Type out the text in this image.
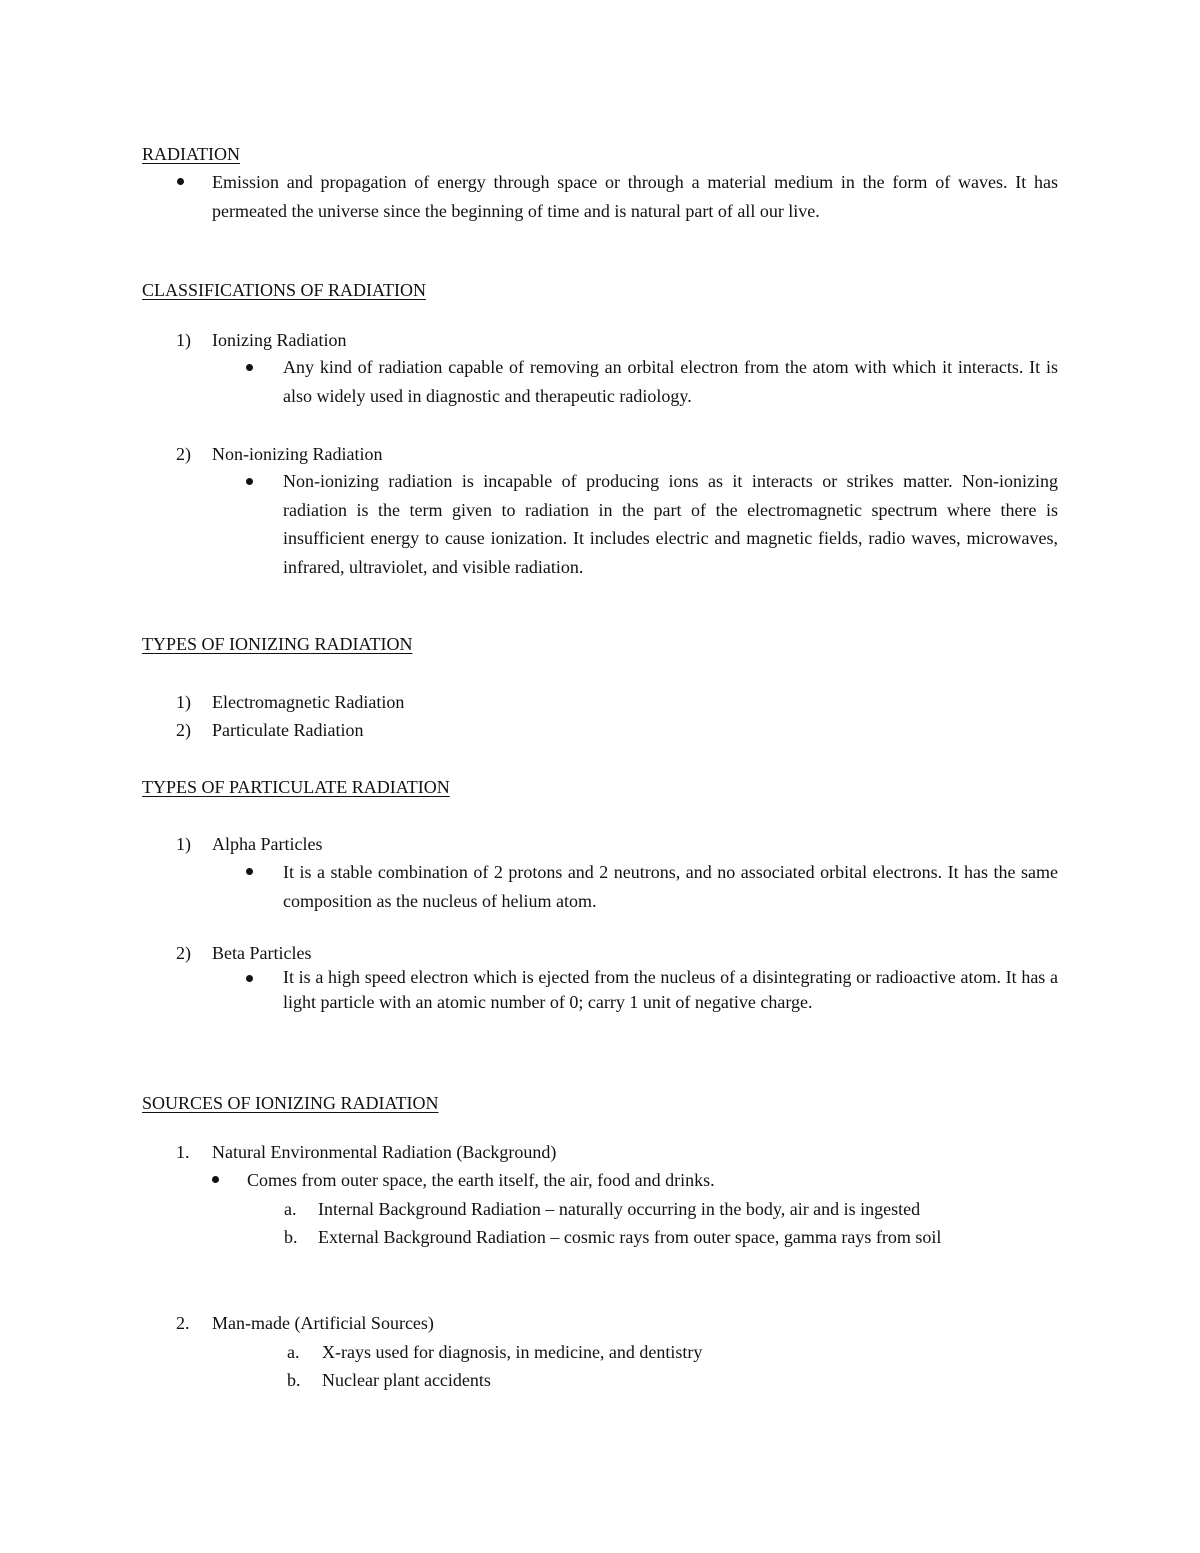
RADIATION
Emission and propagation of energy through space or through a material medium in the form of waves. It has permeated the universe since the beginning of time and is natural part of all our live.
CLASSIFICATIONS OF RADIATION
1) Ionizing Radiation
Any kind of radiation capable of removing an orbital electron from the atom with which it interacts. It is also widely used in diagnostic and therapeutic radiology.
2) Non-ionizing Radiation
Non-ionizing radiation is incapable of producing ions as it interacts or strikes matter. Non-ionizing radiation is the term given to radiation in the part of the electromagnetic spectrum where there is insufficient energy to cause ionization. It includes electric and magnetic fields, radio waves, microwaves, infrared, ultraviolet, and visible radiation.
TYPES OF IONIZING RADIATION
1) Electromagnetic Radiation
2) Particulate Radiation
TYPES OF PARTICULATE RADIATION
1) Alpha Particles
It is a stable combination of 2 protons and 2 neutrons, and no associated orbital electrons. It has the same composition as the nucleus of helium atom.
2) Beta Particles
It is a high speed electron which is ejected from the nucleus of a disintegrating or radioactive atom. It has a light particle with an atomic number of 0; carry 1 unit of negative charge.
SOURCES OF IONIZING RADIATION
1. Natural Environmental Radiation (Background)
Comes from outer space, the earth itself, the air, food and drinks.
a. Internal Background Radiation – naturally occurring in the body, air and is ingested
b. External Background Radiation – cosmic rays from outer space, gamma rays from soil
2. Man-made (Artificial Sources)
a. X-rays used for diagnosis, in medicine, and dentistry
b. Nuclear plant accidents
